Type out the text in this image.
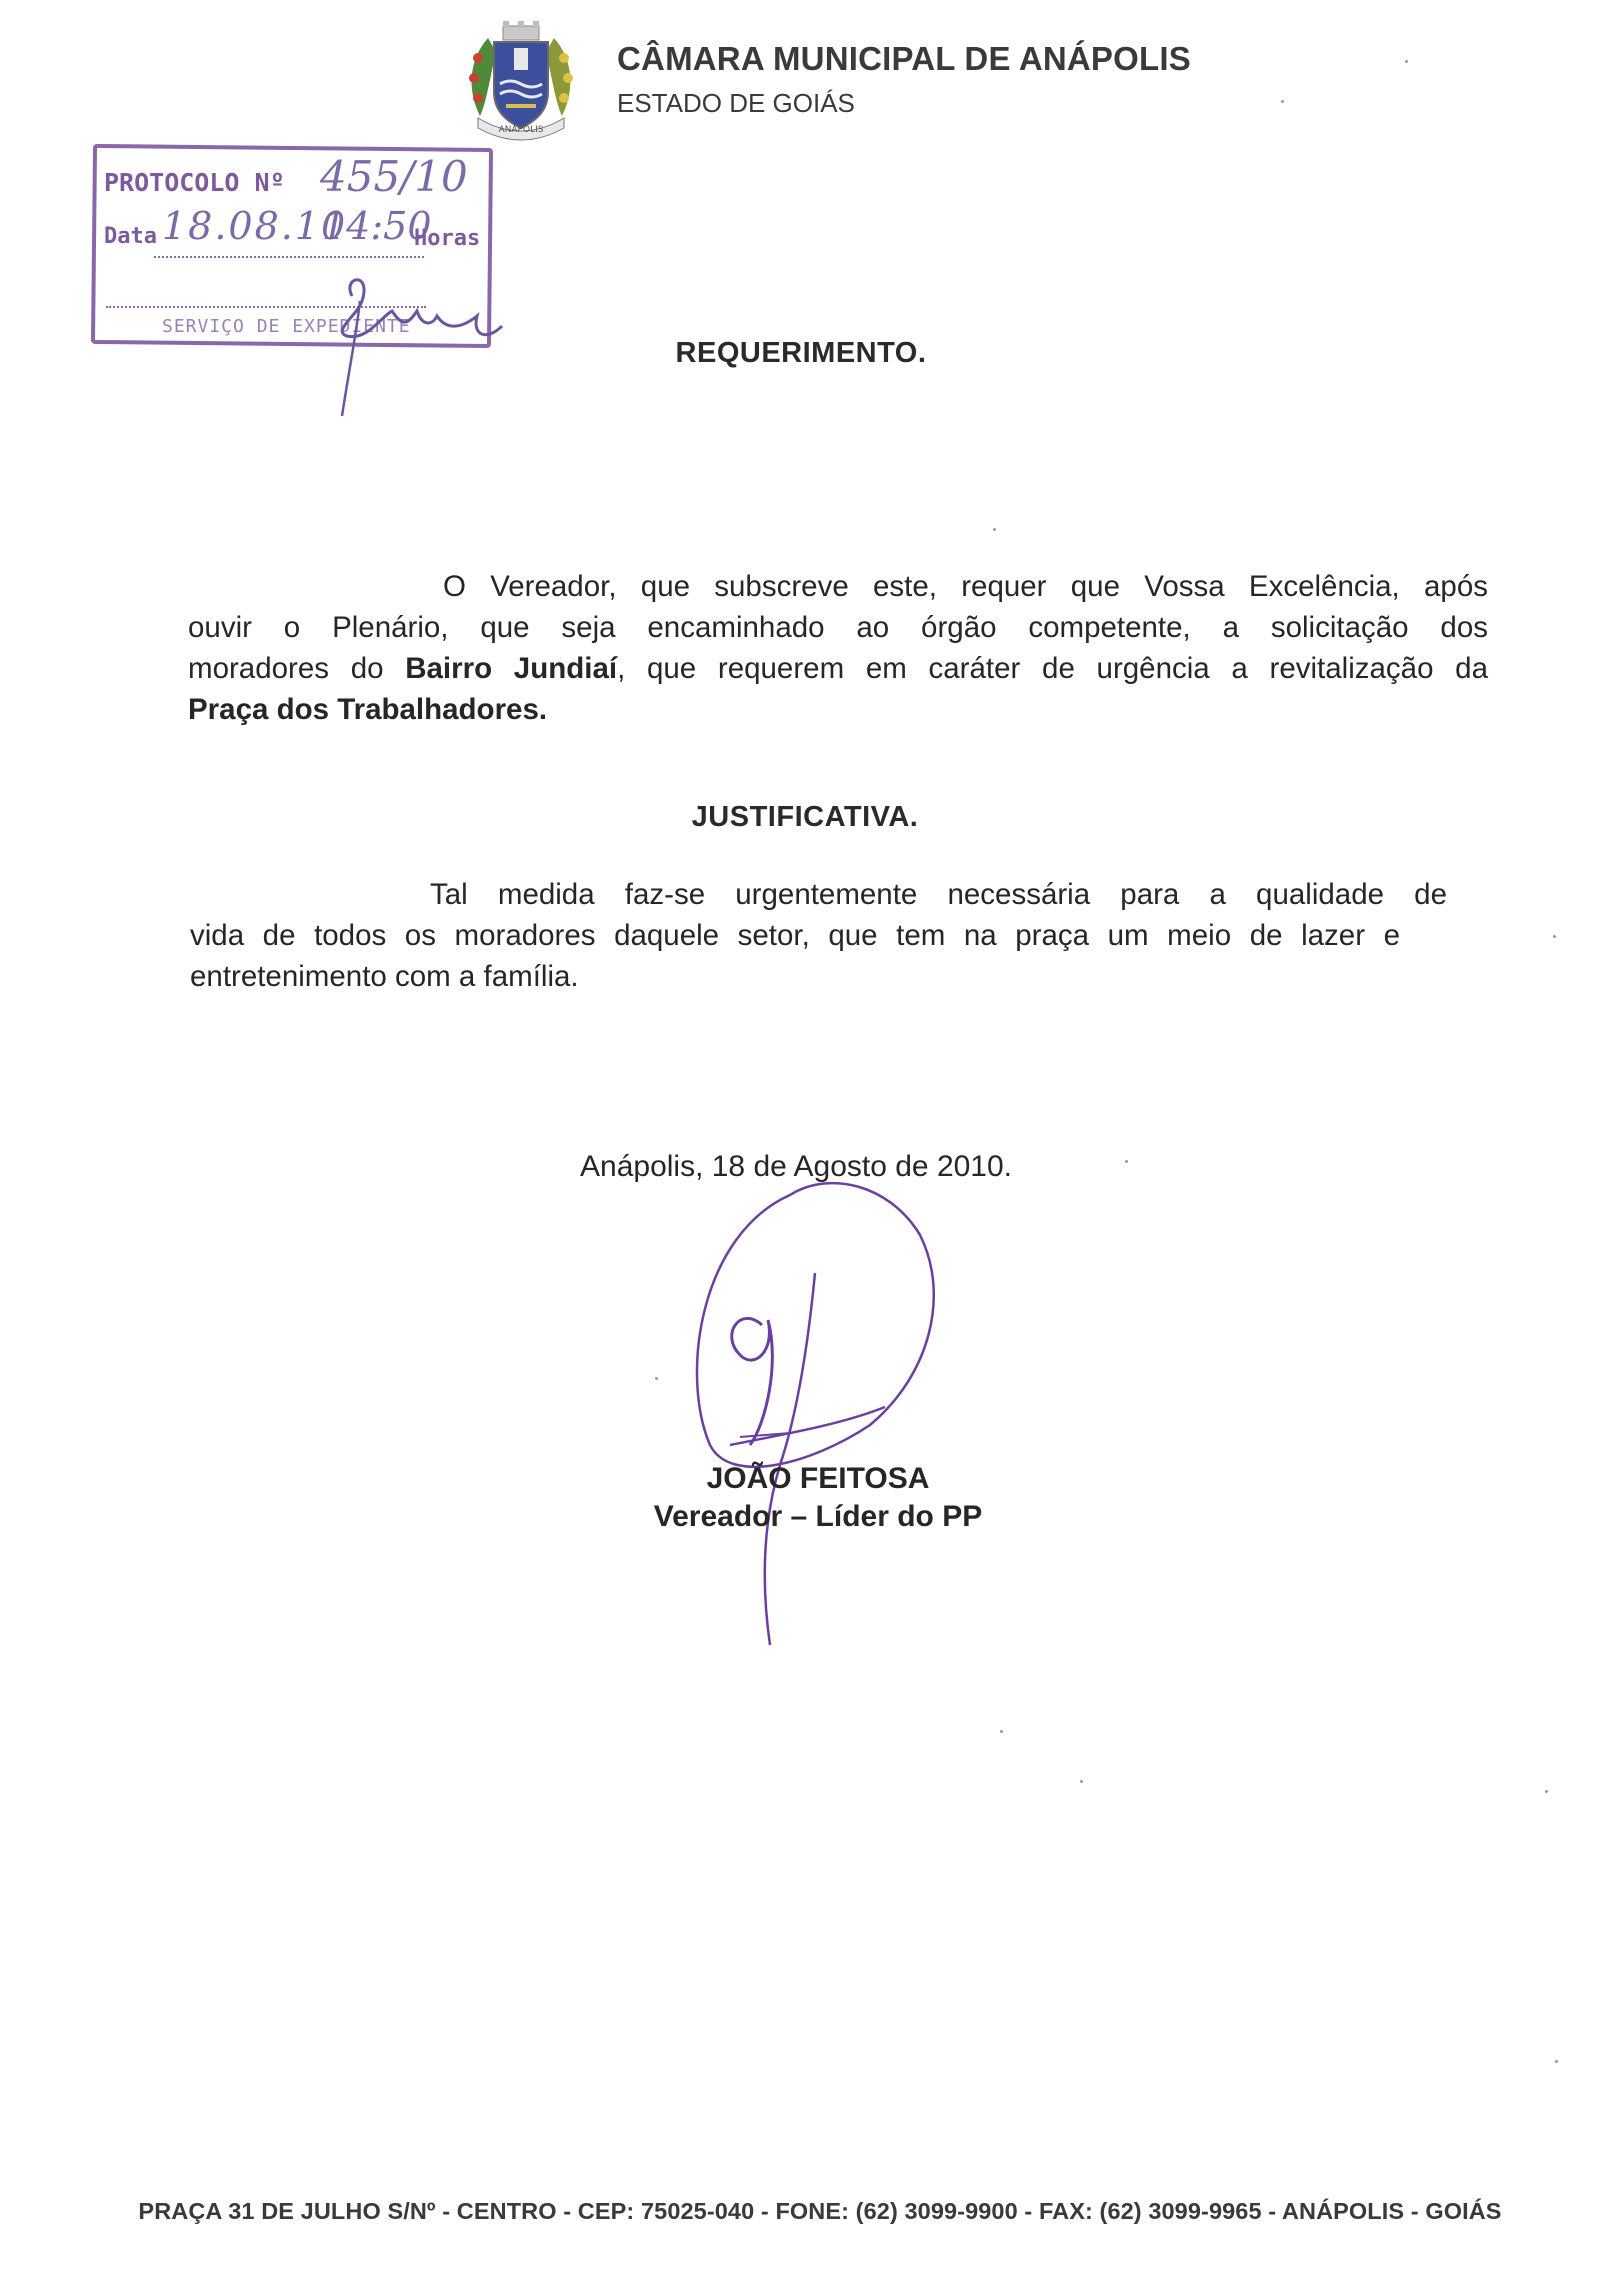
ANÁPOLIS
CÂMARA MUNICIPAL DE ANÁPOLIS
ESTADO DE GOIÁS
PROTOCOLO Nº 455/10
Data 18.08.10
14:50
Horas
SERVIÇO DE EXPEDIENTE
REQUERIMENTO.
O Vereador, que subscreve este, requer que Vossa Excelência, após
ouvir o Plenário, que seja encaminhado ao órgão competente, a solicitação dos
moradores do Bairro Jundiaí, que requerem em caráter de urgência a revitalização da
Praça dos Trabalhadores.
JUSTIFICATIVA.
Tal medida faz-se urgentemente necessária para a qualidade de
vida de todos os moradores daquele setor, que tem na praça um meio de lazer e
entretenimento com a família.
Anápolis, 18 de Agosto de 2010.
JOÃO FEITOSA
Vereador – Líder do PP
PRAÇA 31 DE JULHO S/Nº - CENTRO - CEP: 75025-040 - FONE: (62) 3099-9900 - FAX: (62) 3099-9965 - ANÁPOLIS - GOIÁS
